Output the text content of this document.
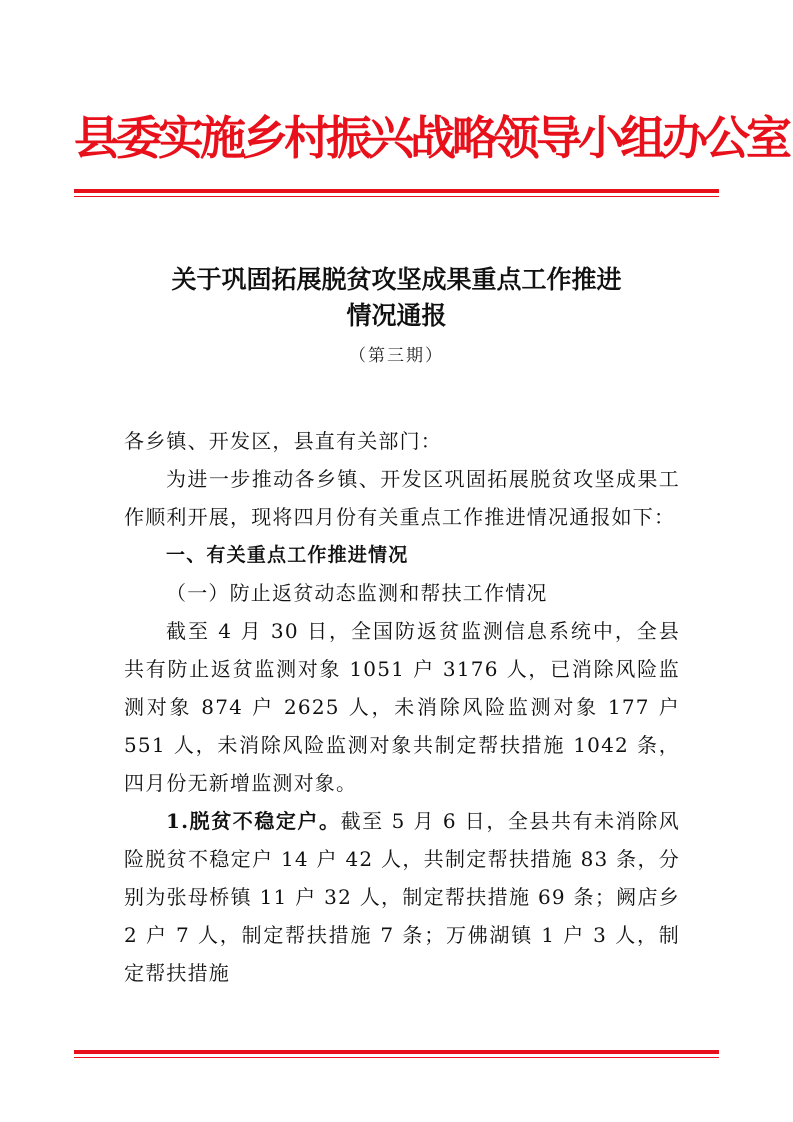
县委实施乡村振兴战略领导小组办公室
关于巩固拓展脱贫攻坚成果重点工作推进
情况通报
（第三期）

各乡镇、开发区，县直有关部门：

为进一步推动各乡镇、开发区巩固拓展脱贫攻坚成果工作顺利开展，现将四月份有关重点工作推进情况通报如下：

一、有关重点工作推进情况

（一）防止返贫动态监测和帮扶工作情况

截至 4 月 30 日，全国防返贫监测信息系统中，全县共有防止返贫监测对象 1051 户 3176 人，已消除风险监测对象 874 户 2625 人，未消除风险监测对象 177 户 551 人，未消除风险监测对象共制定帮扶措施 1042 条，四月份无新增监测对象。

1.脱贫不稳定户。截至 5 月 6 日，全县共有未消除风险脱贫不稳定户 14 户 42 人，共制定帮扶措施 83 条，分别为张母桥镇 11 户 32 人，制定帮扶措施 69 条；阙店乡 2 户 7 人，制定帮扶措施 7 条；万佛湖镇 1 户 3 人，制定帮扶措施
